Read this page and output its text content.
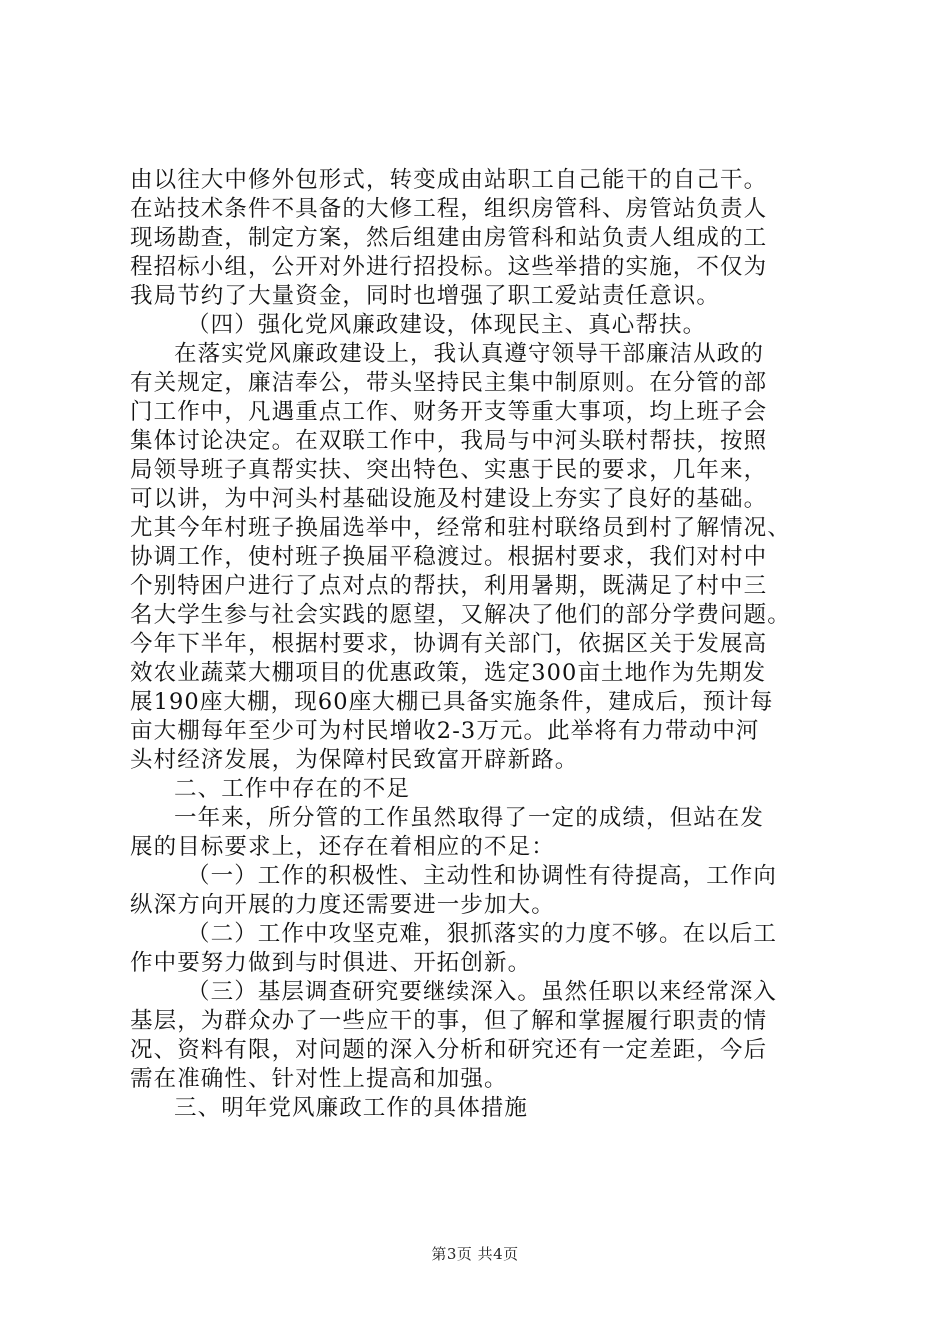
由以往大中修外包形式，转变成由站职工自己能干的自己干。
在站技术条件不具备的大修工程，组织房管科、房管站负责人
现场勘查，制定方案，然后组建由房管科和站负责人组成的工
程招标小组，公开对外进行招投标。这些举措的实施，不仅为
我局节约了大量资金，同时也增强了职工爱站责任意识。
（四）强化党风廉政建设，体现民主、真心帮扶。
在落实党风廉政建设上，我认真遵守领导干部廉洁从政的
有关规定，廉洁奉公，带头坚持民主集中制原则。在分管的部
门工作中，凡遇重点工作、财务开支等重大事项，均上班子会
集体讨论决定。在双联工作中，我局与中河头联村帮扶，按照
局领导班子真帮实扶、突出特色、实惠于民的要求，几年来，
可以讲，为中河头村基础设施及村建设上夯实了良好的基础。
尤其今年村班子换届选举中，经常和驻村联络员到村了解情况、
协调工作，使村班子换届平稳渡过。根据村要求，我们对村中
个别特困户进行了点对点的帮扶，利用暑期，既满足了村中三
名大学生参与社会实践的愿望，又解决了他们的部分学费问题。
今年下半年，根据村要求，协调有关部门，依据区关于发展高
效农业蔬菜大棚项目的优惠政策，选定300亩土地作为先期发
展190座大棚，现60座大棚已具备实施条件，建成后，预计每
亩大棚每年至少可为村民增收2-3万元。此举将有力带动中河
头村经济发展，为保障村民致富开辟新路。
二、工作中存在的不足
一年来，所分管的工作虽然取得了一定的成绩，但站在发
展的目标要求上，还存在着相应的不足：
（一）工作的积极性、主动性和协调性有待提高，工作向
纵深方向开展的力度还需要进一步加大。
（二）工作中攻坚克难，狠抓落实的力度不够。在以后工
作中要努力做到与时俱进、开拓创新。
（三）基层调查研究要继续深入。虽然任职以来经常深入
基层，为群众办了一些应干的事，但了解和掌握履行职责的情
况、资料有限，对问题的深入分析和研究还有一定差距，今后
需在准确性、针对性上提高和加强。
三、明年党风廉政工作的具体措施
第3页 共4页
